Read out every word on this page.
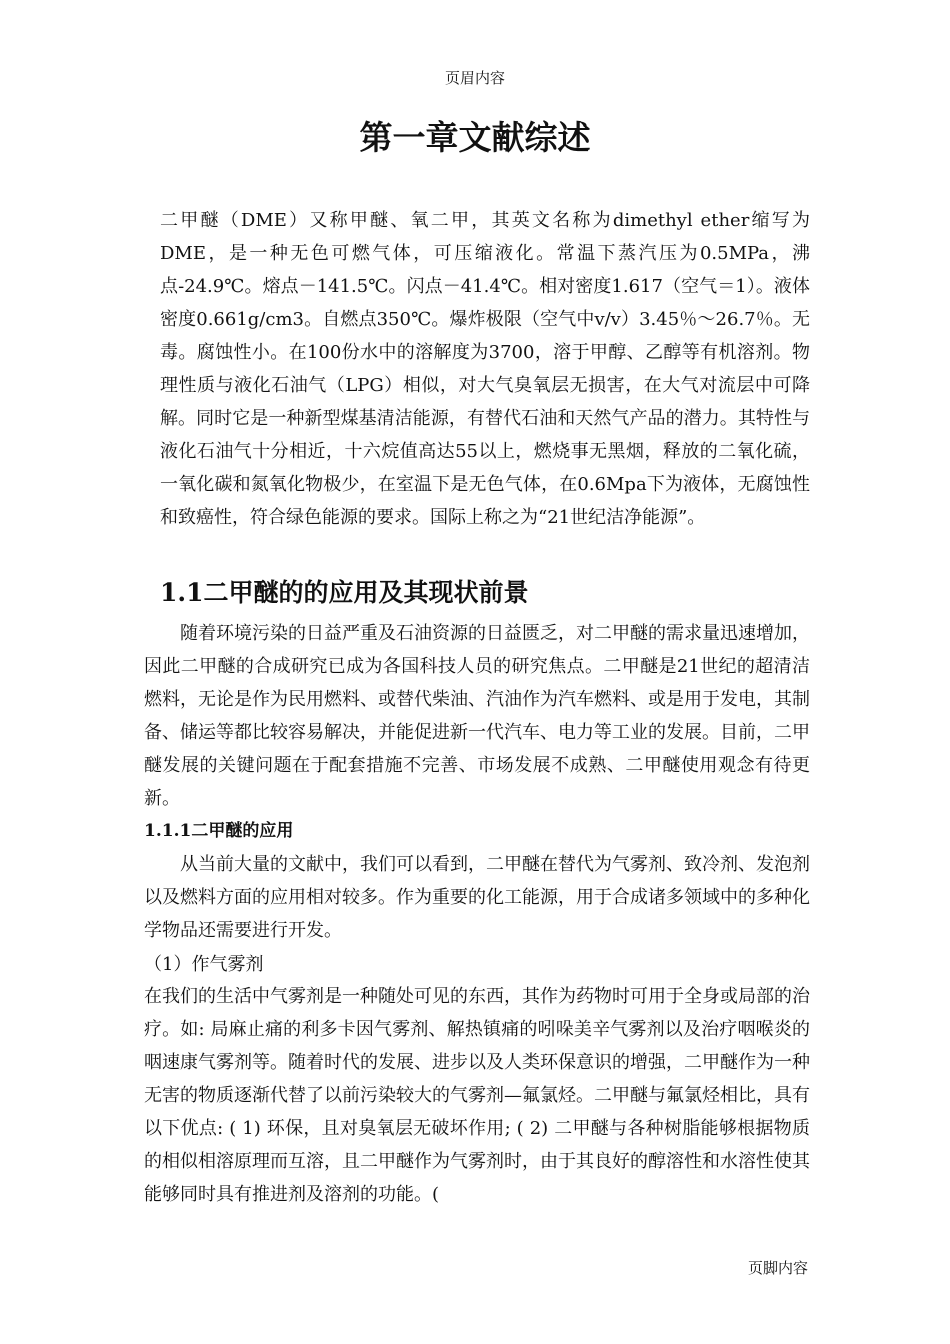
页眉内容
第一章文献综述

二甲醚（DME）又称甲醚、氧二甲，其英文名称为dimethyl ether缩写为DME，是一种无色可燃气体，可压缩液化。常温下蒸汽压为0.5MPa，沸点-24.9℃。熔点－141.5℃。闪点－41.4℃。相对密度1.617（空气＝1）。液体密度0.661g/cm3。自燃点350℃。爆炸极限（空气中v/v）3.45％～26.7％。无毒。腐蚀性小。在100份水中的溶解度为3700，溶于甲醇、乙醇等有机溶剂。物理性质与液化石油气（LPG）相似，对大气臭氧层无损害，在大气对流层中可降解。同时它是一种新型煤基清洁能源，有替代石油和天然气产品的潜力。其特性与液化石油气十分相近，十六烷值高达55以上，燃烧事无黑烟，释放的二氧化硫，一氧化碳和氮氧化物极少，在室温下是无色气体，在0.6Mpa下为液体，无腐蚀性和致癌性，符合绿色能源的要求。国际上称之为“21世纪洁净能源”。

1.1二甲醚的的应用及其现状前景

随着环境污染的日益严重及石油资源的日益匮乏，对二甲醚的需求量迅速增加，因此二甲醚的合成研究已成为各国科技人员的研究焦点。二甲醚是21世纪的超清洁燃料，无论是作为民用燃料、或替代柴油、汽油作为汽车燃料、或是用于发电，其制备、储运等都比较容易解决，并能促进新一代汽车、电力等工业的发展。目前，二甲醚发展的关键问题在于配套措施不完善、市场发展不成熟、二甲醚使用观念有待更新。

1.1.1二甲醚的应用

从当前大量的文献中，我们可以看到，二甲醚在替代为气雾剂、致冷剂、发泡剂以及燃料方面的应用相对较多。作为重要的化工能源，用于合成诸多领域中的多种化学物品还需要进行开发。

（1）作气雾剂

在我们的生活中气雾剂是一种随处可见的东西，其作为药物时可用于全身或局部的治疗。如: 局麻止痛的利多卡因气雾剂、解热镇痛的吲哚美辛气雾剂以及治疗咽喉炎的咽速康气雾剂等。随着时代的发展、进步以及人类环保意识的增强，二甲醚作为一种无害的物质逐渐代替了以前污染较大的气雾剂—氟氯烃。二甲醚与氟氯烃相比，具有以下优点: ( 1) 环保，且对臭氧层无破坏作用; ( 2) 二甲醚与各种树脂能够根据物质的相似相溶原理而互溶，且二甲醚作为气雾剂时，由于其良好的醇溶性和水溶性使其能够同时具有推进剂及溶剂的功能。(

页脚内容
